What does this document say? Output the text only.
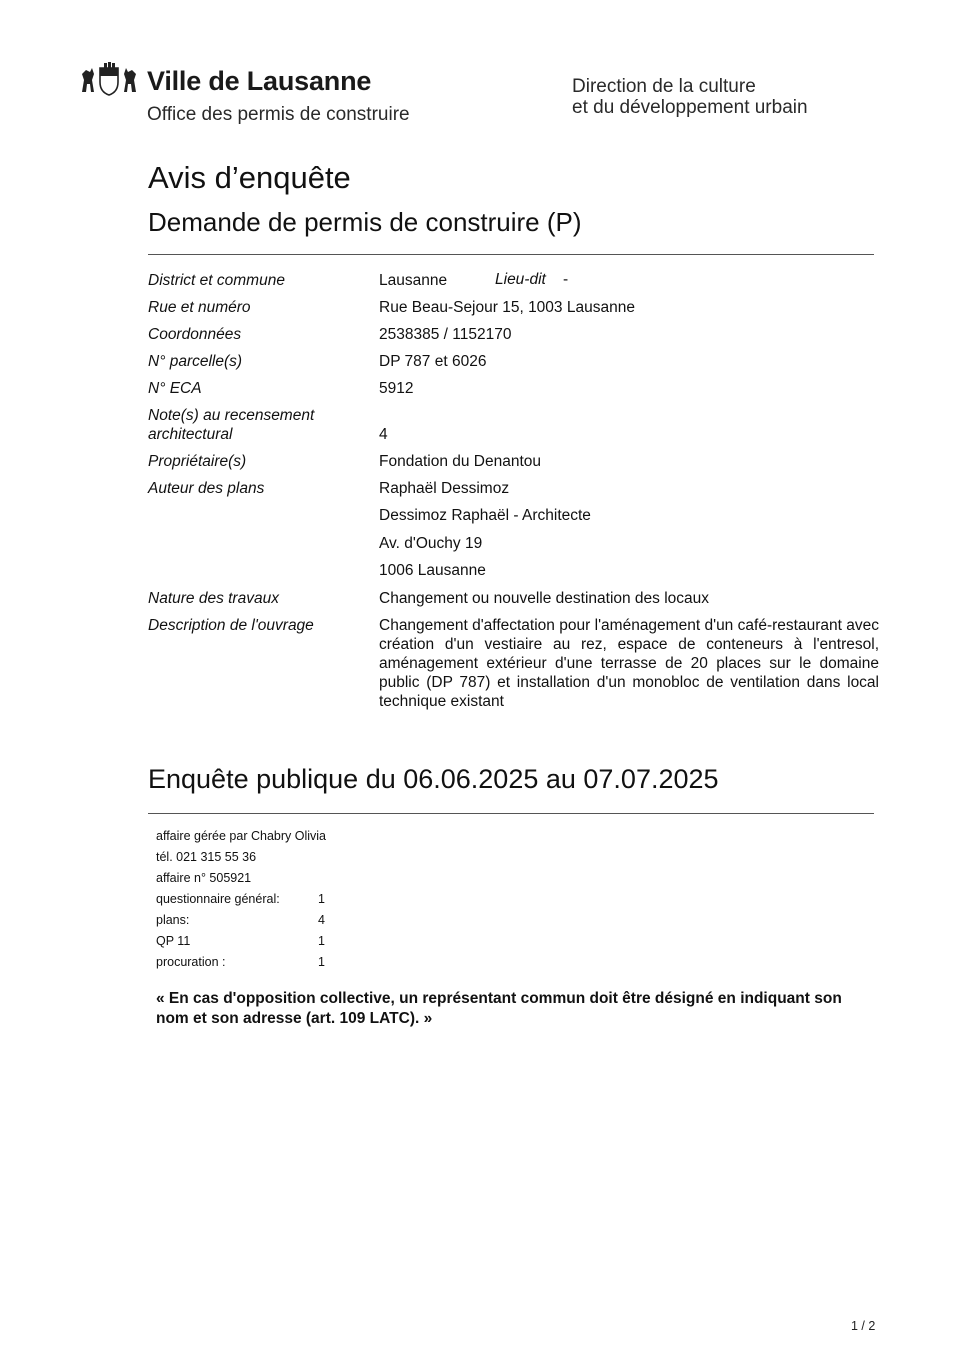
Ville de Lausanne
Office des permis de construire
Direction de la culture
et du développement urbain
Avis d’enquête
Demande de permis de construire (P)
District et commune	Lausanne	Lieu-dit -
Rue et numéro	Rue Beau-Sejour 15, 1003 Lausanne
Coordonnées	2538385 / 1152170
N° parcelle(s)	DP 787 et 6026
N° ECA	5912
Note(s) au recensement
architectural	4
Propriétaire(s)	Fondation du Denantou
Auteur des plans	Raphaël Dessimoz
Dessimoz Raphaël - Architecte
Av. d'Ouchy 19
1006 Lausanne
Nature des travaux	Changement ou nouvelle destination des locaux
Description de l'ouvrage	Changement d'affectation pour l'aménagement d'un café-restaurant avec création d'un vestiaire au rez, espace de conteneurs à l'entresol, aménagement extérieur d'une terrasse de 20 places sur le domaine public (DP 787) et installation d'un monobloc de ventilation dans local technique existant
Enquête publique du 06.06.2025 au 07.07.2025
affaire gérée par Chabry Olivia
tél. 021 315 55 36
affaire n° 505921
questionnaire général:	1
plans:	4
QP 11	1
procuration :	1
« En cas d'opposition collective, un représentant commun doit être désigné en indiquant son nom et son adresse (art. 109 LATC). »
1 / 2
